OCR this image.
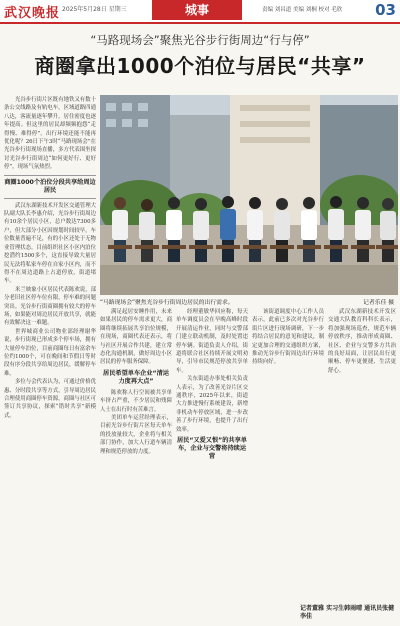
武汉晚报 2025年5月28日 星期三	城事	责编 刘昌道 美编 刘桐 校对 毛欣 03
“马路现场会”聚焦光谷步行街周边“行与停”
商圈拿出1000个泊位与居民“共享”

光谷步行街片区既有地铁又有数十条公交线路及有轨电车，区域道路四通八达，客流量逐年攀升，居住密度也逐年提高。但这里的居民却频频抱怨“走得慢、难得停”。出行环境还能不能再优化呢？26日下午3时“马路现场会”在光谷步行街现场直播，多方代表围坐探讨光谷步行街周边“如何更好行、更好停”，现场气氛热烈。

商圈1000个泊位分段共享给周边居民

武汉东湖新技术开发区交通管理大队副大队长李惠介绍，光谷步行街周边有10余个居民小区，总户数达7300多户，但大部分小区因规划时间较早，车位数量普遍不足，有的小区还处于无物业管理状态。目前组织社区小区内泊位挖潜约1500多个，这直接导致大量居民无法将私家车停在自家小区内，而不得不在周边道路上占道停放，街道堵车。

米兰映象小区居民代表陈欢说，部分老旧社区停车位有限，停车难的问题突出。光谷步行街商圈拥有较大的停车场，如果能对周边居民开放共享，就能有效解决这一难题。

世界城商业公司物业部经理谢华说，步行街现已形成多个停车场，拥有大量停车泊位，目前商圈每日有富余车位约1000个，可在晚间和节假日等时段有序分段共享给周边居民，缓解停车难。

多位与会代表认为，可通过价格优惠、分时段共享等方式，引导周边居民合理使用商圈停车资源，商圈与社区可签订共享协议，探索“错时共享”新模式。

“马路现场会”聚焦光谷步行街周边居民的出行需求。	记者乐佳 摄

满足起居安睡作用，未来如果居民的停车需求更大，商圈将继续拓展共享泊位规模，在现场，商圈代表还表示，将与社区开展合作共建，建立常态化沟通机制，做好周边小区居民的停车服务保障。

居民希望单车企业“清运力度再大点”

陈欢称人行空间被共享单车挤占严重，不少居民和残障人士在出行时有苦难言。

美团单车运营经理表示，目前光谷步行街片区每天单车的投放量较大，企业将与相关部门协作，加大人行道车辆清理和规范停放的力度。

经理董敏华回应称，每天单车调度员会在早晚高峰时段开展清运作业，同时与交警部门建立联动机制，及时处置违停车辆。街道负责人介绍，街道将联合社区持续开展文明劝导，引导市民规范停放共享单车。

关东街道办事处相关负责人表示，为了改善光谷片区交通秩序，2025年以来，街道大力推进慢行系统建设，新增非机动车停放区域，进一步改善了步行环境，也提升了出行效率。

居民“又爱又恨”的共享单车，企业与交警将持续运营

该街道调度中心工作人员表示，此前已多次对光谷步行街片区进行现场调研，下一步将结合居民的意见和建议，制定更加合理的交通组织方案，推动光谷步行街周边出行环境持续向好。

武汉东湖新技术开发区交通大队教育科科长表示，将加强现场巡查，规范车辆停放秩序，推动形成商圈、社区、企业与交警多方共治的良好局面，让居民出行更顺畅、停车更便捷、生活更舒心。

记者董雅 实习生韩雨晴 通讯员张健 李佳
